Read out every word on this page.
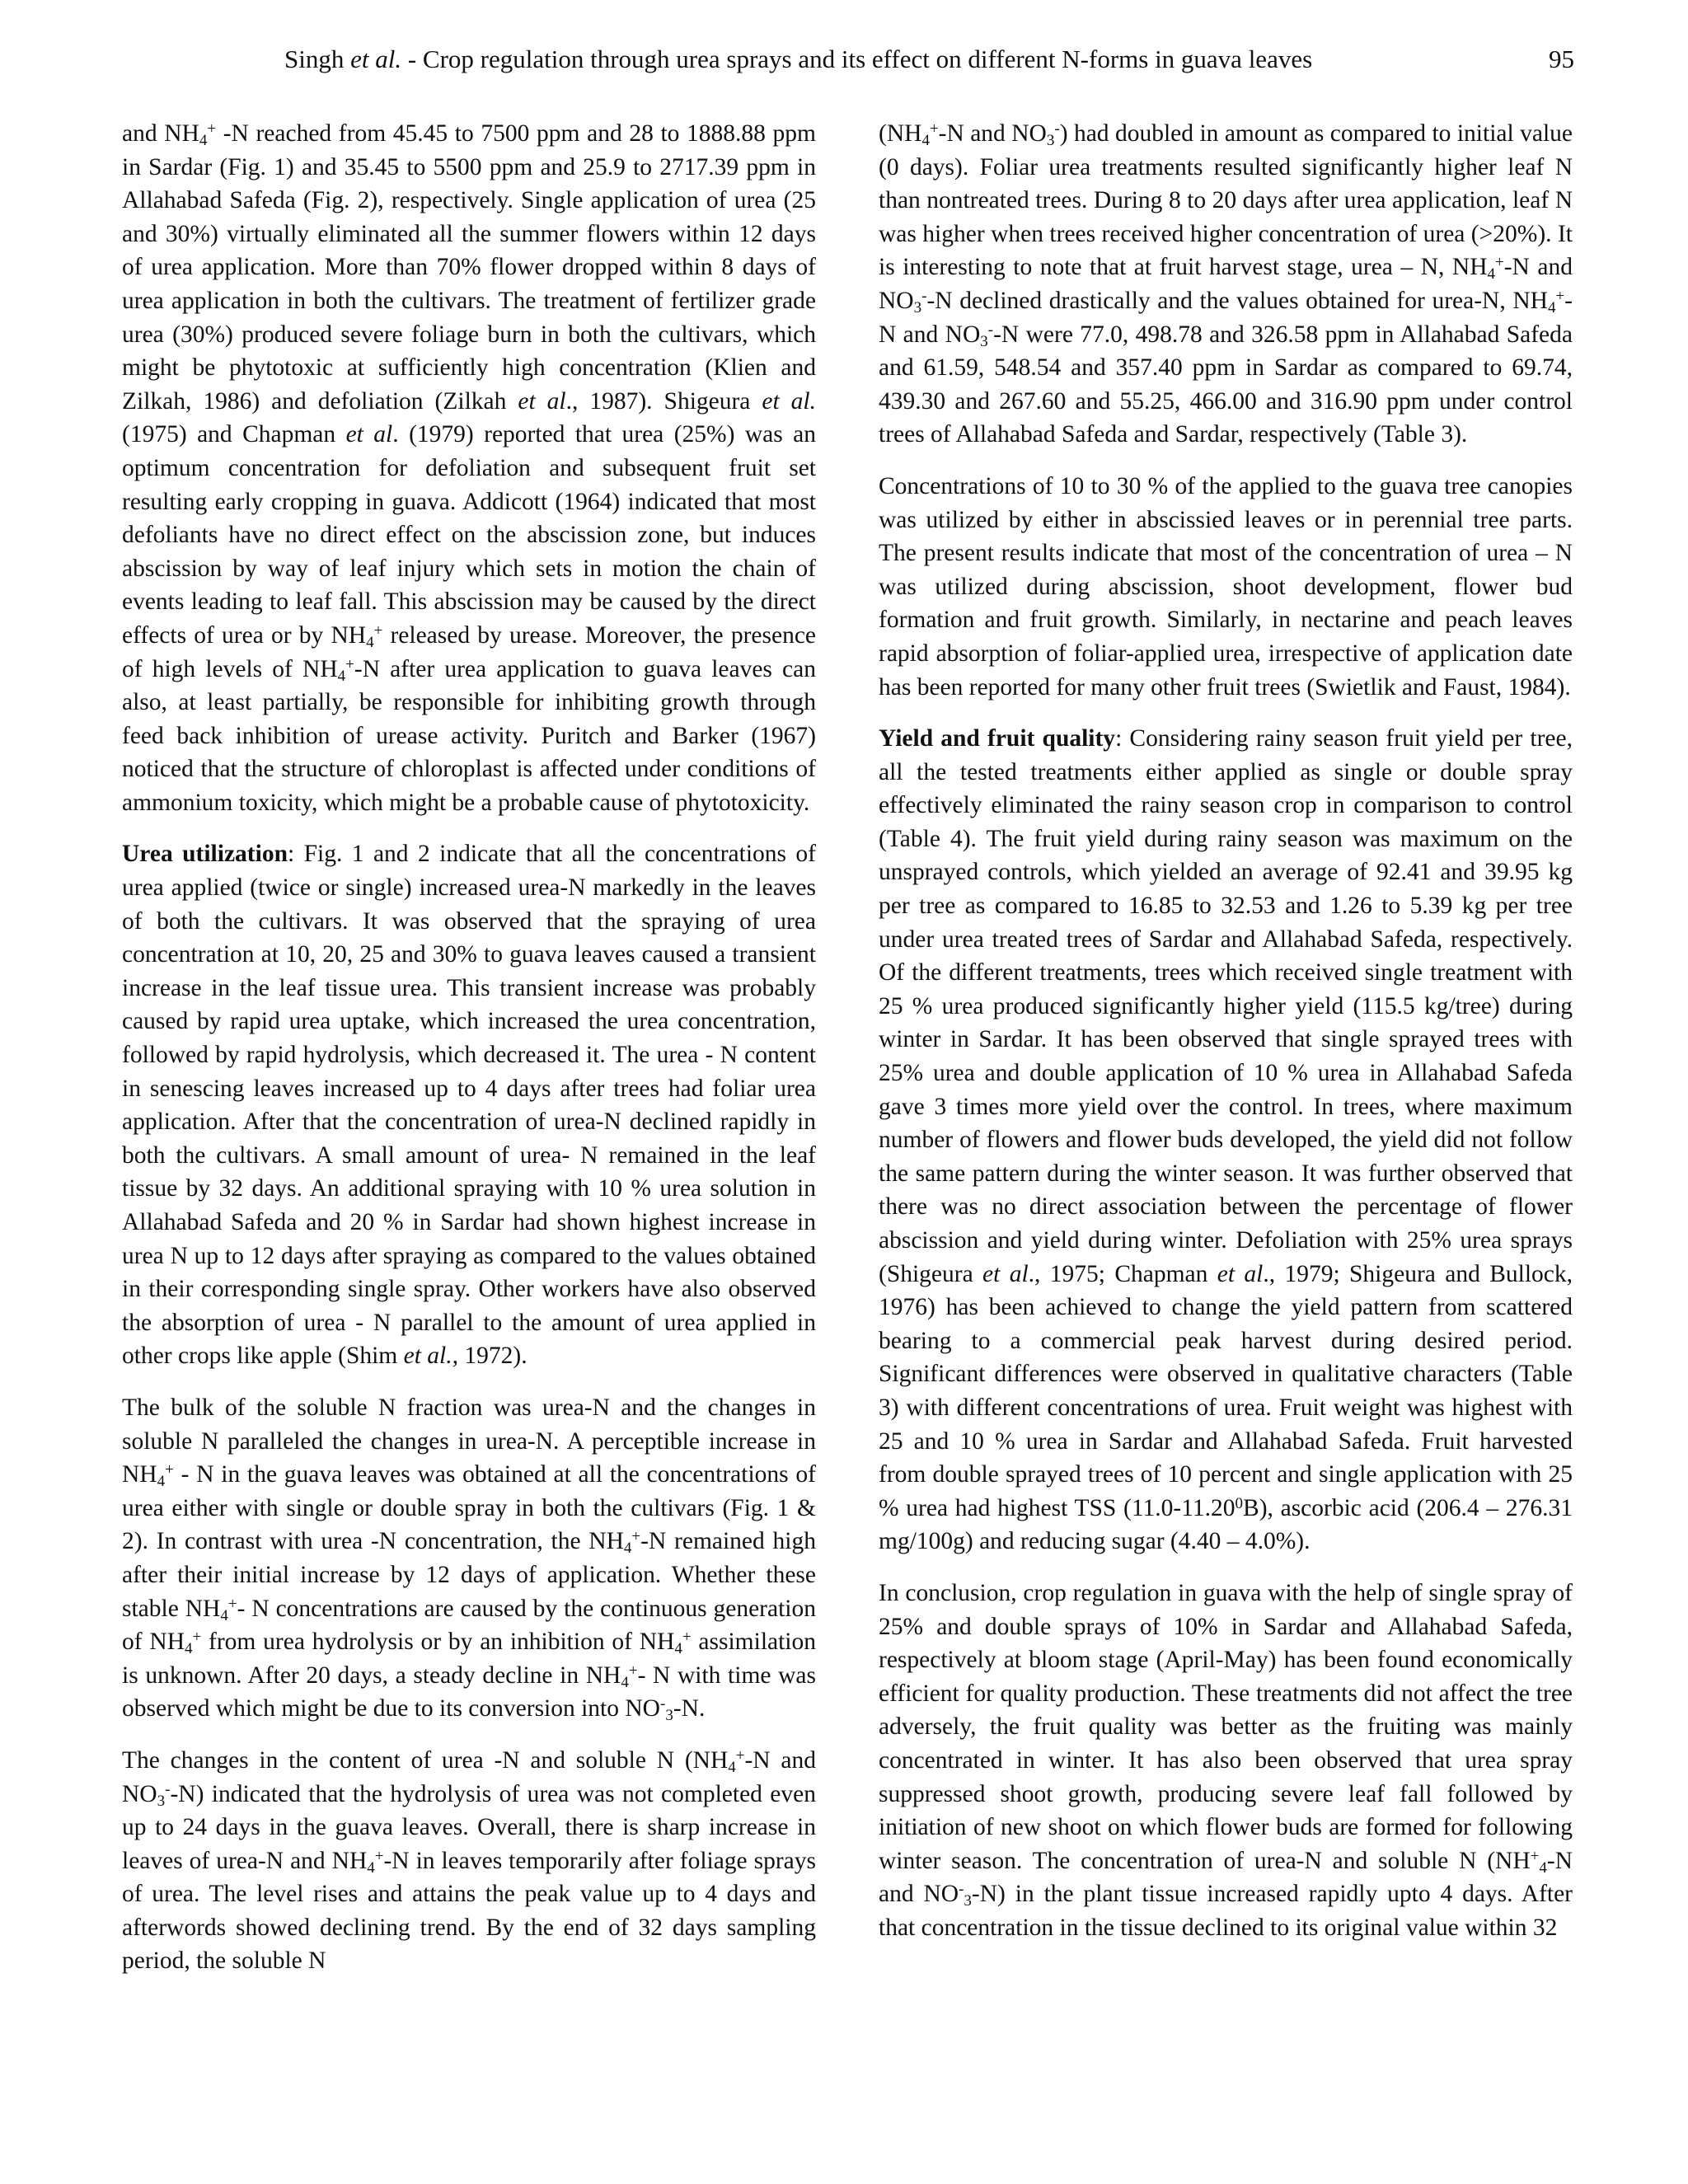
Singh et al. - Crop regulation through urea sprays and its effect on different N-forms in guava leaves	95

and $NH_4^+$ -N reached from 45.45 to 7500 ppm and 28 to 1888.88 ppm in Sardar (Fig. 1) and 35.45 to 5500 ppm and 25.9 to 2717.39 ppm in Allahabad Safeda (Fig. 2), respectively. Single application of urea (25 and 30%) virtually eliminated all the summer flowers within 12 days of urea application. More than 70% flower dropped within 8 days of urea application in both the cultivars. The treatment of fertilizer grade urea (30%) produced severe foliage burn in both the cultivars, which might be phytotoxic at sufficiently high concentration (Klien and Zilkah, 1986) and defoliation (Zilkah et al., 1987). Shigeura et al. (1975) and Chapman et al. (1979) reported that urea (25%) was an optimum concentration for defoliation and subsequent fruit set resulting early cropping in guava. Addicott (1964) indicated that most defoliants have no direct effect on the abscission zone, but induces abscission by way of leaf injury which sets in motion the chain of events leading to leaf fall. This abscission may be caused by the direct effects of urea or by $NH_4^+$ released by urease. Moreover, the presence of high levels of $NH_4^+-N$ after urea application to guava leaves can also, at least partially, be responsible for inhibiting growth through feed back inhibition of urease activity. Puritch and Barker (1967) noticed that the structure of chloroplast is affected under conditions of ammonium toxicity, which might be a probable cause of phytotoxicity.

Urea utilization: Fig. 1 and 2 indicate that all the concentrations of urea applied (twice or single) increased urea-N markedly in the leaves of both the cultivars. It was observed that the spraying of urea concentration at 10, 20, 25 and 30% to guava leaves caused a transient increase in the leaf tissue urea. This transient increase was probably caused by rapid urea uptake, which increased the urea concentration, followed by rapid hydrolysis, which decreased it. The urea - N content in senescing leaves increased up to 4 days after trees had foliar urea application. After that the concentration of urea-N declined rapidly in both the cultivars. A small amount of urea- N remained in the leaf tissue by 32 days. An additional spraying with 10 % urea solution in Allahabad Safeda and 20 % in Sardar had shown highest increase in urea N up to 12 days after spraying as compared to the values obtained in their corresponding single spray. Other workers have also observed the absorption of urea - N parallel to the amount of urea applied in other crops like apple (Shim et al., 1972).

The bulk of the soluble N fraction was urea-N and the changes in soluble N paralleled the changes in urea-N. A perceptible increase in $NH_4^+$ - N in the guava leaves was obtained at all the concentrations of urea either with single or double spray in both the cultivars (Fig. 1 & 2). In contrast with urea -N concentration, the $NH_4^+-N$ remained high after their initial increase by 12 days of application. Whether these stable $NH_4^+-$ N concentrations are caused by the continuous generation of $NH_4^+$ from urea hydrolysis or by an inhibition of $NH_4^+$ assimilation is unknown. After 20 days, a steady decline in $NH_4^+-$ N with time was observed which might be due to its conversion into $NO^-_3-N$.

The changes in the content of urea -N and soluble N ($NH_4^+-N$ and $NO_3^--N$) indicated that the hydrolysis of urea was not completed even up to 24 days in the guava leaves. Overall, there is sharp increase in leaves of urea-N and $NH_4^+-N$ in leaves temporarily after foliage sprays of urea. The level rises and attains the peak value up to 4 days and afterwords showed declining trend. By the end of 32 days sampling period, the soluble N

($NH_4^+-N$ and $NO_3^-$) had doubled in amount as compared to initial value (0 days). Foliar urea treatments resulted significantly higher leaf N than nontreated trees. During 8 to 20 days after urea application, leaf N was higher when trees received higher concentration of urea (>20%). It is interesting to note that at fruit harvest stage, urea – N, $NH_4^+-N$ and $NO_3^--N$ declined drastically and the values obtained for urea-N, $NH_4^+-N$ and $NO_3^--N$ were 77.0, 498.78 and 326.58 ppm in Allahabad Safeda and 61.59, 548.54 and 357.40 ppm in Sardar as compared to 69.74, 439.30 and 267.60 and 55.25, 466.00 and 316.90 ppm under control trees of Allahabad Safeda and Sardar, respectively (Table 3).

Concentrations of 10 to 30 % of the applied to the guava tree canopies was utilized by either in abscissied leaves or in perennial tree parts. The present results indicate that most of the concentration of urea – N was utilized during abscission, shoot development, flower bud formation and fruit growth. Similarly, in nectarine and peach leaves rapid absorption of foliar-applied urea, irrespective of application date has been reported for many other fruit trees (Swietlik and Faust, 1984).

Yield and fruit quality: Considering rainy season fruit yield per tree, all the tested treatments either applied as single or double spray effectively eliminated the rainy season crop in comparison to control (Table 4). The fruit yield during rainy season was maximum on the unsprayed controls, which yielded an average of 92.41 and 39.95 kg per tree as compared to 16.85 to 32.53 and 1.26 to 5.39 kg per tree under urea treated trees of Sardar and Allahabad Safeda, respectively. Of the different treatments, trees which received single treatment with 25 % urea produced significantly higher yield (115.5 kg/tree) during winter in Sardar. It has been observed that single sprayed trees with 25% urea and double application of 10 % urea in Allahabad Safeda gave 3 times more yield over the control. In trees, where maximum number of flowers and flower buds developed, the yield did not follow the same pattern during the winter season. It was further observed that there was no direct association between the percentage of flower abscission and yield during winter. Defoliation with 25% urea sprays (Shigeura et al., 1975; Chapman et al., 1979; Shigeura and Bullock, 1976) has been achieved to change the yield pattern from scattered bearing to a commercial peak harvest during desired period. Significant differences were observed in qualitative characters (Table 3) with different concentrations of urea. Fruit weight was highest with 25 and 10 % urea in Sardar and Allahabad Safeda. Fruit harvested from double sprayed trees of 10 percent and single application with 25 % urea had highest TSS (11.0-11.20$^0$B), ascorbic acid (206.4 – 276.31 mg/100g) and reducing sugar (4.40 – 4.0%).

In conclusion, crop regulation in guava with the help of single spray of 25% and double sprays of 10% in Sardar and Allahabad Safeda, respectively at bloom stage (April-May) has been found economically efficient for quality production. These treatments did not affect the tree adversely, the fruit quality was better as the fruiting was mainly concentrated in winter. It has also been observed that urea spray suppressed shoot growth, producing severe leaf fall followed by initiation of new shoot on which flower buds are formed for following winter season. The concentration of urea-N and soluble N ($NH^+_4-N$ and $NO^-_3-N$) in the plant tissue increased rapidly upto 4 days. After that concentration in the tissue declined to its original value within 32
